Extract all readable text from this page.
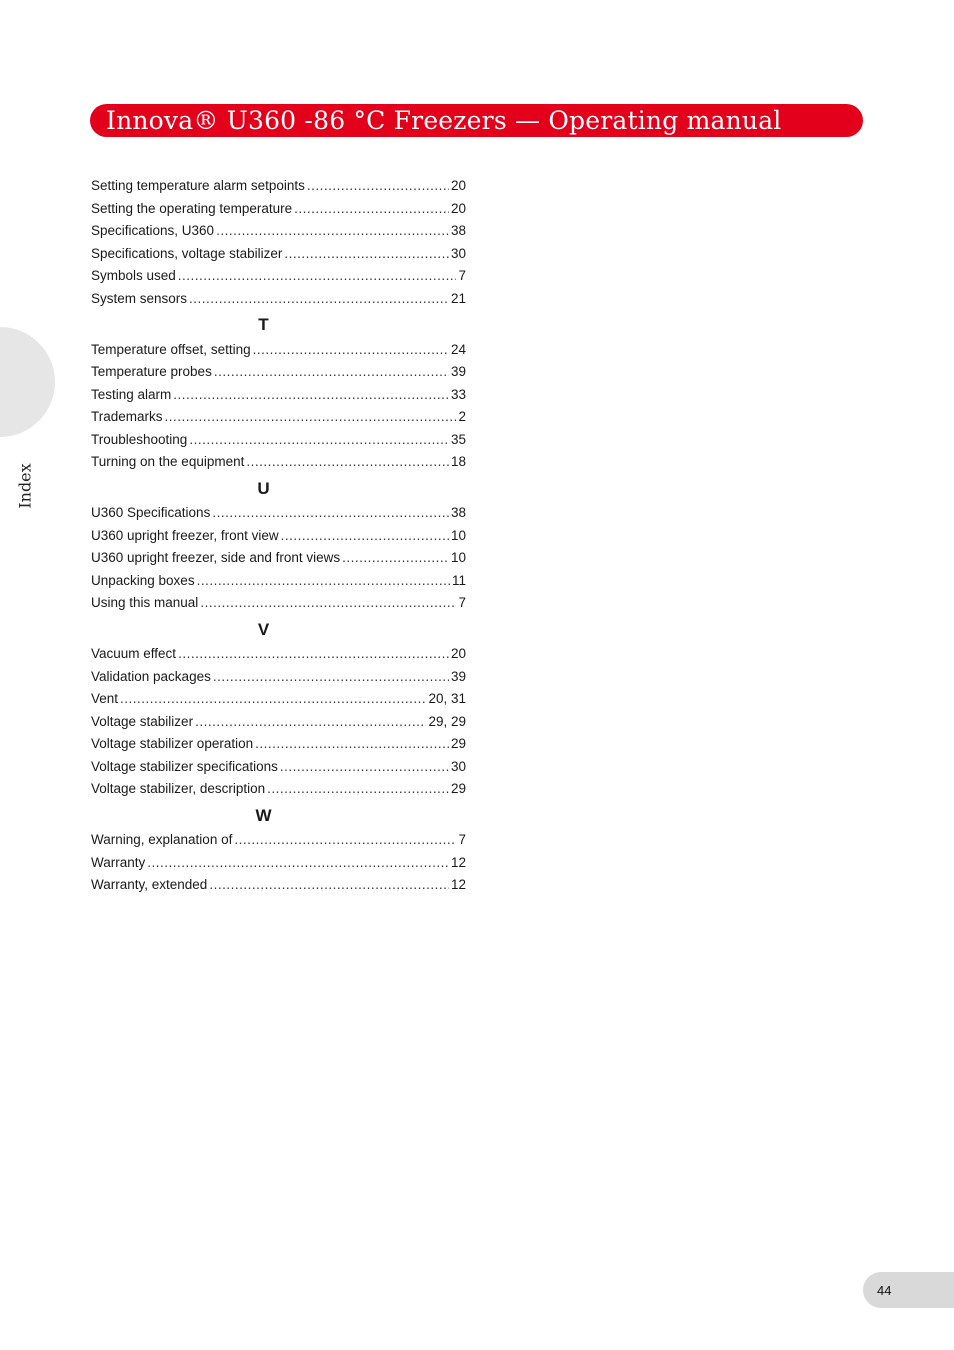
Innova® U360 -86 °C Freezers — Operating manual
Index
Setting temperature alarm setpoints .....	20
Setting the operating temperature .....	20
Specifications, U360 .....	38
Specifications, voltage stabilizer .....	30
Symbols used .....	7
System sensors .....	21
T
Temperature offset, setting .....	24
Temperature probes .....	39
Testing alarm .....	33
Trademarks .....	2
Troubleshooting .....	35
Turning on the equipment .....	18
U
U360 Specifications .....	38
U360 upright freezer, front view .....	10
U360 upright freezer, side and front views .....	10
Unpacking boxes .....	11
Using this manual .....	7
V
Vacuum effect .....	20
Validation packages .....	39
Vent .....	20, 31
Voltage stabilizer .....	29, 29
Voltage stabilizer operation .....	29
Voltage stabilizer specifications .....	30
Voltage stabilizer, description .....	29
W
Warning, explanation of .....	7
Warranty .....	12
Warranty, extended .....	12
44
